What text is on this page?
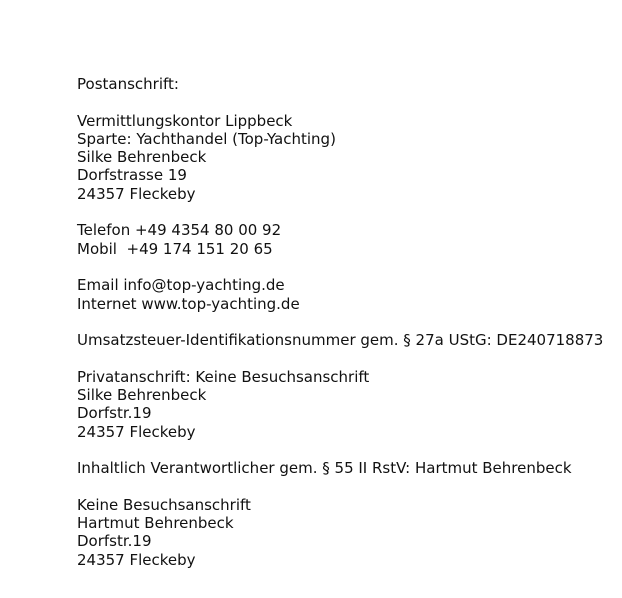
Postanschrift:
Vermittlungskontor Lippbeck
Sparte: Yachthandel (Top-Yachting)
Silke Behrenbeck
Dorfstrasse 19
24357 Fleckeby
Telefon +49 4354 80 00 92
Mobil  +49 174 151 20 65
Email info@top-yachting.de
Internet www.top-yachting.de
Umsatzsteuer-Identifikationsnummer gem. § 27a UStG: DE240718873
Privatanschrift: Keine Besuchsanschrift
Silke Behrenbeck
Dorfstr.19
24357 Fleckeby
Inhaltlich Verantwortlicher gem. § 55 II RstV: Hartmut Behrenbeck
Keine Besuchsanschrift
Hartmut Behrenbeck
Dorfstr.19
24357 Fleckeby
